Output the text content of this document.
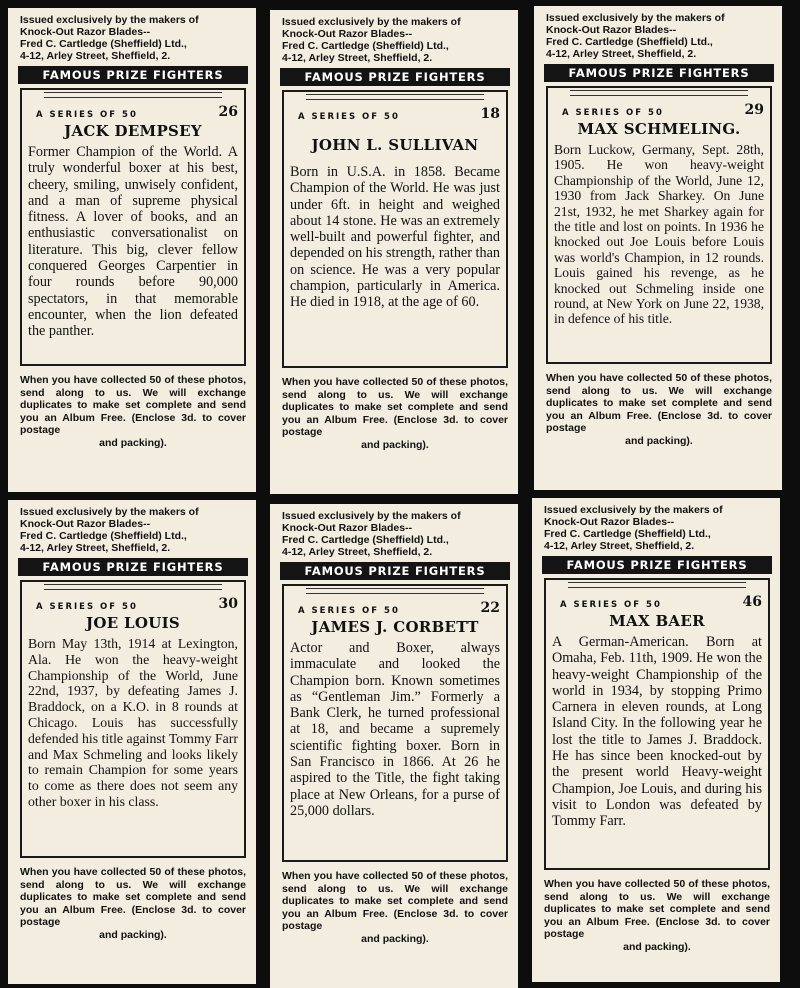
Issued exclusively by the makers of
Knock-Out Razor Blades--
Fred C. Cartledge (Sheffield) Ltd.,
4-12, Arley Street, Sheffield, 2.
FAMOUS PRIZE FIGHTERS
A SERIES OF 50	26
JACK DEMPSEY

Former Champion of the World. A truly wonderful boxer at his best, cheery, smiling, unwisely confident, and a man of supreme physical fitness. A lover of books, and an enthusiastic conversationalist on literature. This big, clever fellow conquered Georges Carpentier in four rounds before 90,000 spectators, in that memorable encounter, when the lion defeated the panther.

When you have collected 50 of these photos, send along to us. We will exchange duplicates to make set complete and send you an Album Free. (Enclose 3d. to cover postage
and packing).
Issued exclusively by the makers of
Knock-Out Razor Blades--
Fred C. Cartledge (Sheffield) Ltd.,
4-12, Arley Street, Sheffield, 2.
FAMOUS PRIZE FIGHTERS
A SERIES OF 50	18
JOHN L. SULLIVAN

Born in U.S.A. in 1858. Became Champion of the World. He was just under 6ft. in height and weighed about 14 stone. He was an extremely well-built and powerful fighter, and depended on his strength, rather than on science. He was a very popular champion, particularly in America. He died in 1918, at the age of 60.

When you have collected 50 of these photos, send along to us. We will exchange duplicates to make set complete and send you an Album Free. (Enclose 3d. to cover postage
and packing).
Issued exclusively by the makers of
Knock-Out Razor Blades--
Fred C. Cartledge (Sheffield) Ltd.,
4-12, Arley Street, Sheffield, 2.
FAMOUS PRIZE FIGHTERS
A SERIES OF 50	29
MAX SCHMELING.

Born Luckow, Germany, Sept. 28th, 1905. He won heavy-weight Championship of the World, June 12, 1930 from Jack Sharkey. On June 21st, 1932, he met Sharkey again for the title and lost on points. In 1936 he knocked out Joe Louis before Louis was world's Champion, in 12 rounds. Louis gained his revenge, as he knocked out Schmeling inside one round, at New York on June 22, 1938, in defence of his title.

When you have collected 50 of these photos, send along to us. We will exchange duplicates to make set complete and send you an Album Free. (Enclose 3d. to cover postage
and packing).
Issued exclusively by the makers of
Knock-Out Razor Blades--
Fred C. Cartledge (Sheffield) Ltd.,
4-12, Arley Street, Sheffield, 2.
FAMOUS PRIZE FIGHTERS
A SERIES OF 50	30
JOE LOUIS

Born May 13th, 1914 at Lexington, Ala. He won the heavy-weight Championship of the World, June 22nd, 1937, by defeating James J. Braddock, on a K.O. in 8 rounds at Chicago. Louis has successfully defended his title against Tommy Farr and Max Schmeling and looks likely to remain Champion for some years to come as there does not seem any other boxer in his class.

When you have collected 50 of these photos, send along to us. We will exchange duplicates to make set complete and send you an Album Free. (Enclose 3d. to cover postage
and packing).
Issued exclusively by the makers of
Knock-Out Razor Blades--
Fred C. Cartledge (Sheffield) Ltd.,
4-12, Arley Street, Sheffield, 2.
FAMOUS PRIZE FIGHTERS
A SERIES OF 50	22
JAMES J. CORBETT

Actor and Boxer, always immaculate and looked the Champion born. Known sometimes as “Gentleman Jim.” Formerly a Bank Clerk, he turned professional at 18, and became a supremely scientific fighting boxer. Born in San Francisco in 1866. At 26 he aspired to the Title, the fight taking place at New Orleans, for a purse of 25,000 dollars.

When you have collected 50 of these photos, send along to us. We will exchange duplicates to make set complete and send you an Album Free. (Enclose 3d. to cover postage
and packing).
Issued exclusively by the makers of
Knock-Out Razor Blades--
Fred C. Cartledge (Sheffield) Ltd.,
4-12, Arley Street, Sheffield, 2.
FAMOUS PRIZE FIGHTERS
A SERIES OF 50	46
MAX BAER

A German-American. Born at Omaha, Feb. 11th, 1909. He won the heavy-weight Championship of the world in 1934, by stopping Primo Carnera in eleven rounds, at Long Island City. In the following year he lost the title to James J. Braddock. He has since been knocked-out by the present world Heavy-weight Champion, Joe Louis, and during his visit to London was defeated by Tommy Farr.

When you have collected 50 of these photos, send along to us. We will exchange duplicates to make set complete and send you an Album Free. (Enclose 3d. to cover postage
and packing).
